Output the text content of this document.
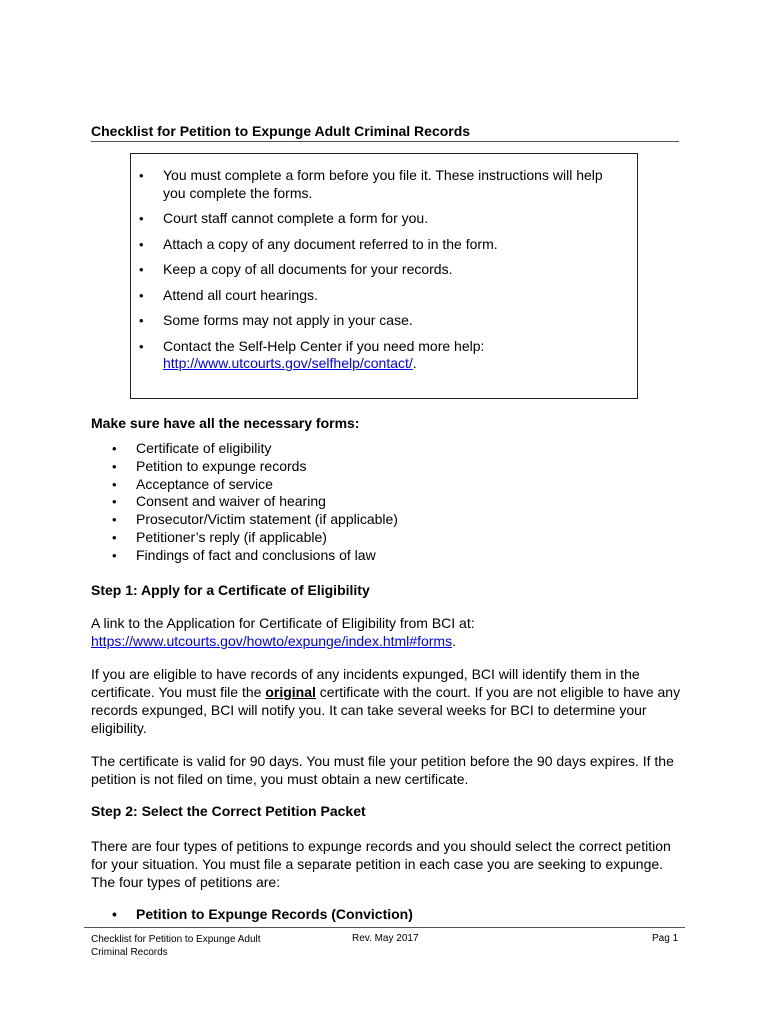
Checklist for Petition to Expunge Adult Criminal Records
• You must complete a form before you file it. These instructions will help you complete the forms.
• Court staff cannot complete a form for you.
• Attach a copy of any document referred to in the form.
• Keep a copy of all documents for your records.
• Attend all court hearings.
• Some forms may not apply in your case.
• Contact the Self-Help Center if you need more help:
http://www.utcourts.gov/selfhelp/contact/.
Make sure have all the necessary forms:
• Certificate of eligibility
• Petition to expunge records
• Acceptance of service
• Consent and waiver of hearing
• Prosecutor/Victim statement (if applicable)
• Petitioner’s reply (if applicable)
• Findings of fact and conclusions of law
Step 1: Apply for a Certificate of Eligibility
A link to the Application for Certificate of Eligibility from BCI at:
https://www.utcourts.gov/howto/expunge/index.html#forms.
If you are eligible to have records of any incidents expunged, BCI will identify them in the certificate. You must file the original certificate with the court. If you are not eligible to have any records expunged, BCI will notify you. It can take several weeks for BCI to determine your eligibility.
The certificate is valid for 90 days. You must file your petition before the 90 days expires. If the petition is not filed on time, you must obtain a new certificate.
Step 2: Select the Correct Petition Packet
There are four types of petitions to expunge records and you should select the correct petition for your situation. You must file a separate petition in each case you are seeking to expunge. The four types of petitions are:
• Petition to Expunge Records (Conviction)
Checklist for Petition to Expunge Adult Criminal Records
Rev. May 2017	Pag 1
